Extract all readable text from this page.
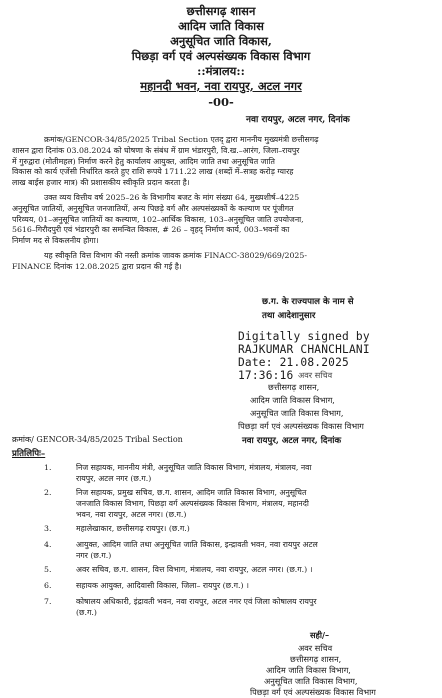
छत्तीसगढ़ शासन
आदिम जाति विकास
अनुसूचित जाति विकास,
पिछड़ा वर्ग एवं अल्पसंख्यक विकास विभाग
::मंत्रालय::
महानदी भवन, नवा रायपुर, अटल नगर
-00-
नवा रायपुर, अटल नगर, दिनांक
क्रमांक/GENCOR-34/85/2025 Tribal Section एतद् द्वारा माननीय मुख्यमंत्री छत्तीसगढ़
शासन द्वारा दिनांक 03.08.2024 को घोषणा के संबंध में ग्राम भंडारपुरी, वि.ख.–आरंग, जिला–रायपुर
में गुरुद्वारा (मोतीमहल) निर्माण करने हेतु कार्यालय आयुक्त, आदिम जाति तथा अनुसूचित जाति
विकास को कार्य एजेंसी निर्धारित करते हुए राशि रूपये 1711.22 लाख (शब्दों में–सत्रह करोड़ ग्यारह
लाख बाईस हजार मात्र) की प्रशासकीय स्वीकृति प्रदान करता है।
उक्त व्यय वित्तीय वर्ष 2025–26 के विभागीय बजट के मांग संख्या 64, मुख्यशीर्ष–4225
अनुसूचित जातियों, अनुसूचित जनजातियों, अन्य पिछड़े वर्ग और अल्पसंख्यकों के कल्याण पर पूंजीगत
परिव्यय, 01–अनुसूचित जातियों का कल्याण, 102–आर्थिक विकास, 103–अनुसूचित जाति उपयोजना,
5616–गिरौदपुरी एवं भंडारपुरी का समन्वित विकास, # 26 – वृहद् निर्माण कार्य, 003–भवनों का
निर्माण मद से विकलनीय होगा।
यह स्वीकृति वित्त विभाग की नस्ती क्रमांक जावक क्रमांक FINACC-38029/669/2025-
FINANCE दिनांक 12.08.2025 द्वारा प्रदान की गई है।
छ.ग. के राज्यपाल के नाम से
तथा आदेशानुसार
Digitally signed by
RAJKUMAR CHANCHLANI
Date: 21.08.2025
17:36:16 अवर सचिव
छत्तीसगढ़ शासन,
आदिम जाति विकास विभाग,
अनुसूचित जाति विकास विभाग,
पिछड़ा वर्ग एवं अल्पसंख्यक विकास विभाग
क्रमांक/ GENCOR-34/85/2025 Tribal Section	नवा रायपुर, अटल नगर, दिनांक
प्रतिलिपिः–
1.	निज सहायक, माननीय मंत्री, अनुसूचित जाति विकास विभाग, मंत्रालय, मंत्रालय, नवा
रायपुर, अटल नगर (छ.ग.)
2.	निज सहायक, प्रमुख सचिव, छ.ग. शासन, आदिम जाति विकास विभाग, अनुसूचित
जनजाति विकास विभाग, पिछड़ा वर्ग अल्पसंख्यक विकास विभाग, मंत्रालय, महानदी
भवन, नवा रायपुर, अटल नगर। (छ.ग.)
3.	महालेखाकार, छत्तीसगढ़ रायपुर। (छ.ग.)
4.	आयुक्त, आदिम जाति तथा अनुसूचित जाति विकास, इन्द्रावती भवन, नवा रायपुर अटल
नगर (छ.ग.)
5.	अवर सचिव, छ.ग. शासन, वित्त विभाग, मंत्रालय, नवा रायपुर, अटल नगर। (छ.ग.) ।
6.	सहायक आयुक्त, आदिवासी विकास, जिला– रायपुर (छ.ग.) ।
7.	कोषालय अधिकारी, इंद्रावती भवन, नवा रायपुर, अटल नगर एवं जिला कोषालय रायपुर
(छ.ग.)
सही/–
अवर सचिव
छत्तीसगढ़ शासन,
आदिम जाति विकास विभाग,
अनुसूचित जाति विकास विभाग,
पिछड़ा वर्ग एवं अल्पसंख्यक विकास विभाग
